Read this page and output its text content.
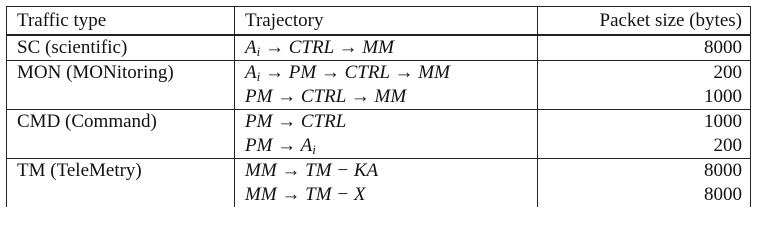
Traffic type	Trajectory	Packet size (bytes)
SC (scientific)	$A_i$ → CTRL → MM	8000
MON (MONitoring)	$A_i$ → PM → CTRL → MM	200
	PM → CTRL → MM	1000
CMD (Command)	PM → CTRL	1000
	PM → $A_i$	200
TM (TeleMetry)	MM → TM − KA	8000
	MM → TM − X	8000
